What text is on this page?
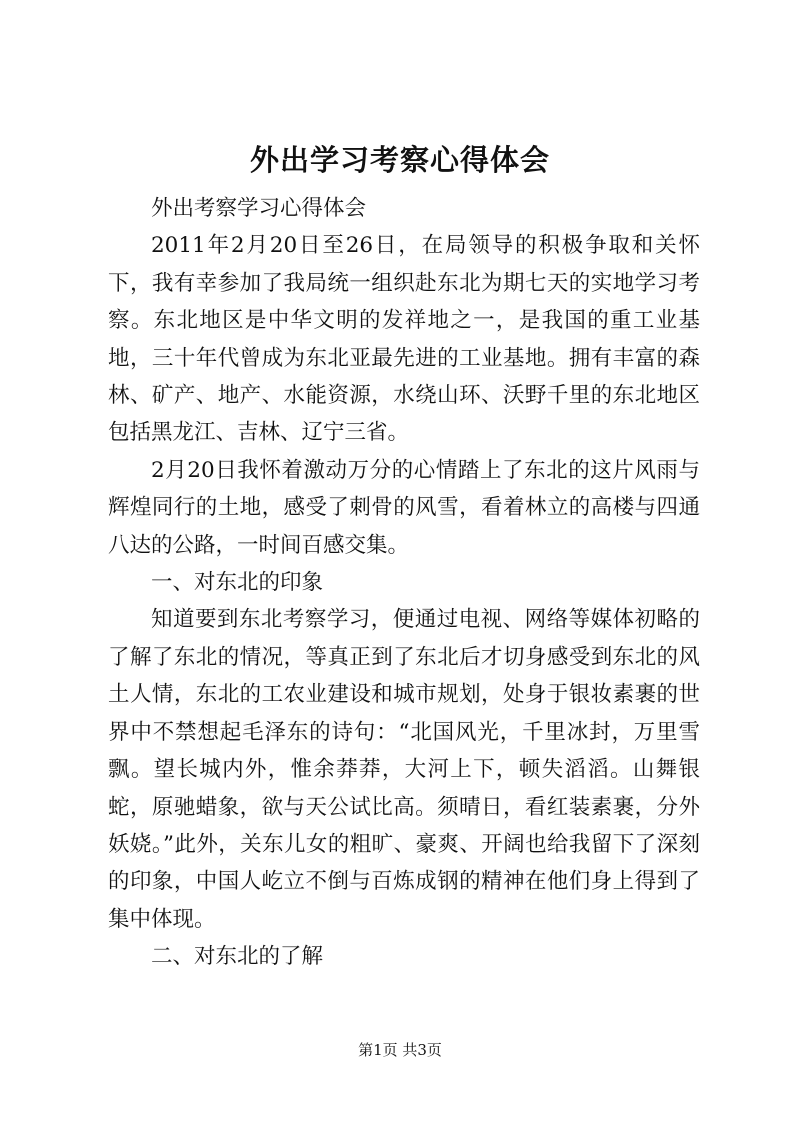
外出学习考察心得体会

外出考察学习心得体会

2011年2月20日至26日，在局领导的积极争取和关怀下，我有幸参加了我局统一组织赴东北为期七天的实地学习考察。东北地区是中华文明的发祥地之一，是我国的重工业基地，三十年代曾成为东北亚最先进的工业基地。拥有丰富的森林、矿产、地产、水能资源，水绕山环、沃野千里的东北地区包括黑龙江、吉林、辽宁三省。

2月20日我怀着激动万分的心情踏上了东北的这片风雨与辉煌同行的土地，感受了刺骨的风雪，看着林立的高楼与四通八达的公路，一时间百感交集。

一、对东北的印象

知道要到东北考察学习，便通过电视、网络等媒体初略的了解了东北的情况，等真正到了东北后才切身感受到东北的风土人情，东北的工农业建设和城市规划，处身于银妆素裹的世界中不禁想起毛泽东的诗句：“北国风光，千里冰封，万里雪飘。望长城内外，惟余莽莽，大河上下，顿失滔滔。山舞银蛇，原驰蜡象，欲与天公试比高。须晴日，看红装素裹，分外妖娆。”此外，关东儿女的粗旷、豪爽、开阔也给我留下了深刻的印象，中国人屹立不倒与百炼成钢的精神在他们身上得到了集中体现。

二、对东北的了解

第1页 共3页
